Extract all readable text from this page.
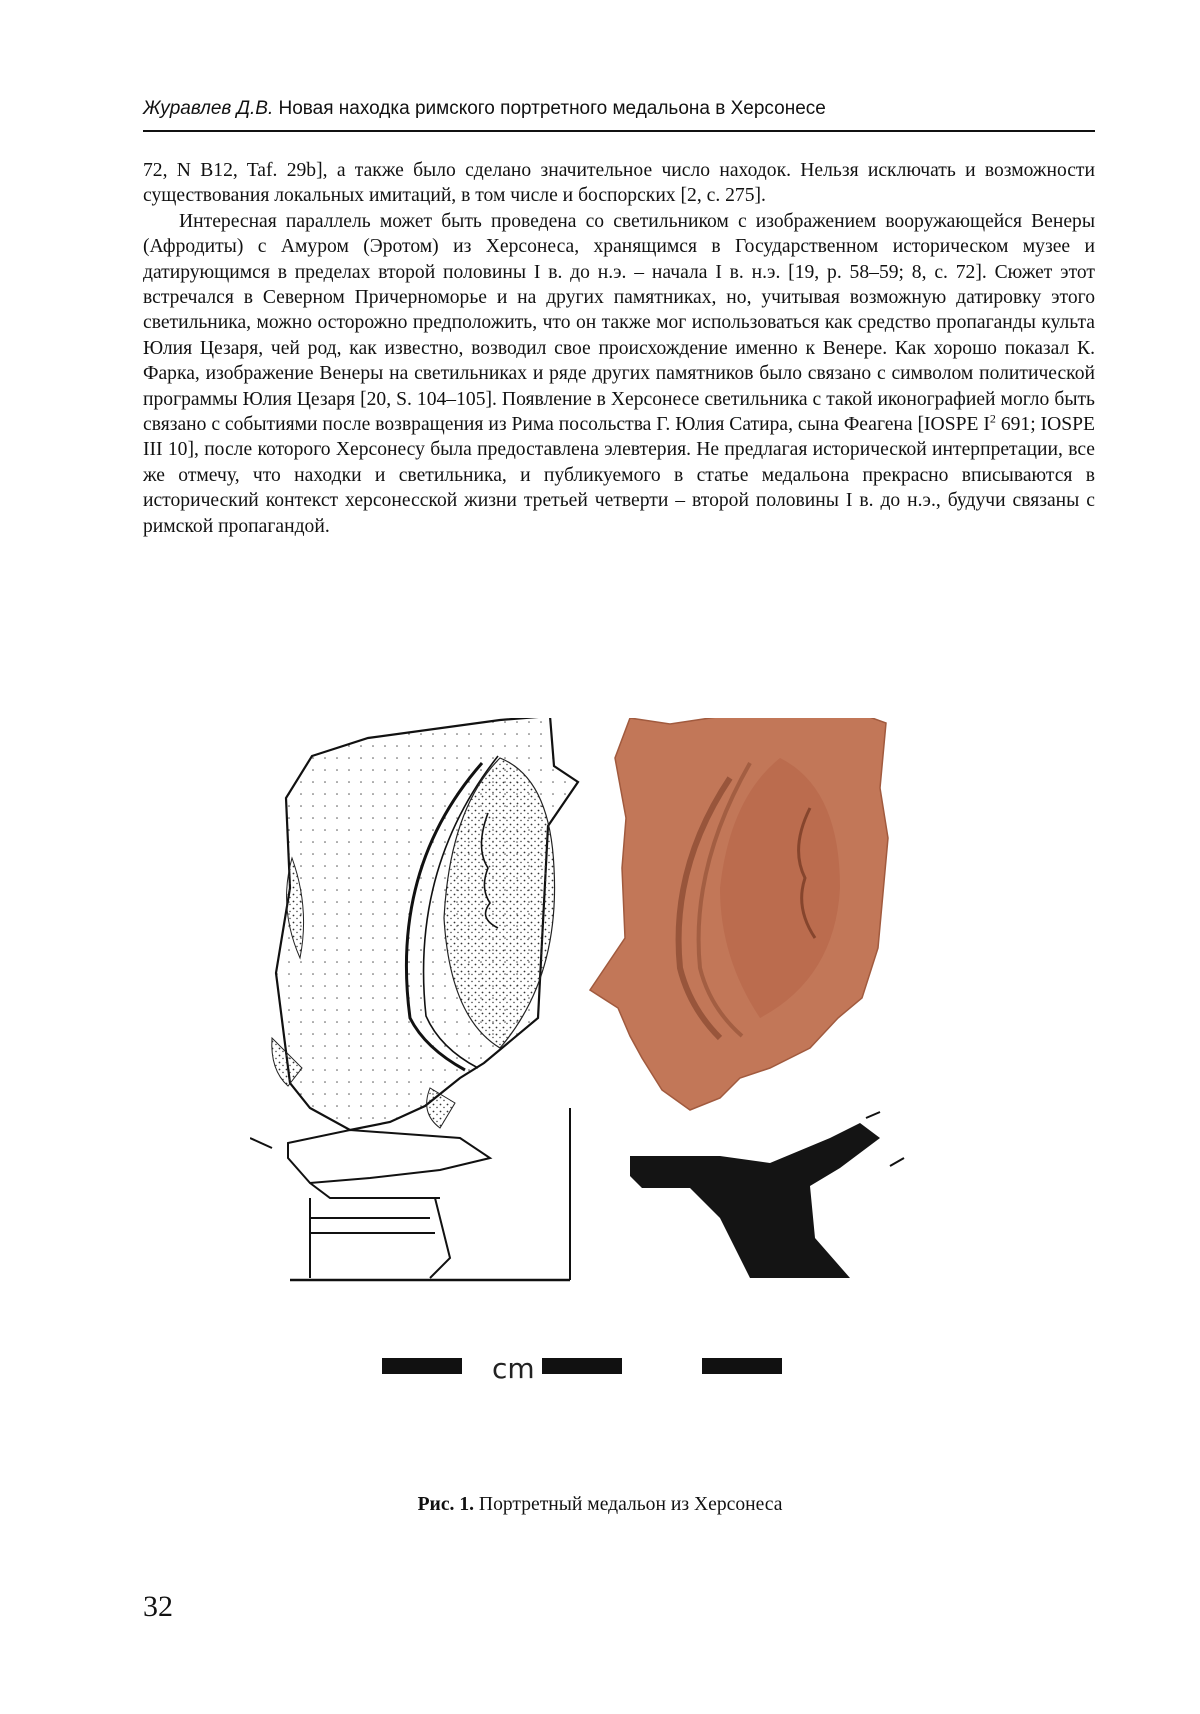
Журавлев Д.В. Новая находка римского портретного медальона в Херсонесе

72, N B12, Taf. 29b], а также было сделано значительное число находок. Нельзя исключать и возможности существования локальных имитаций, в том числе и боспорских [2, с. 275].

Интересная параллель может быть проведена со светильником с изображением вооружающейся Венеры (Афродиты) с Амуром (Эротом) из Херсонеса, хранящимся в Государственном историческом музее и датирующимся в пределах второй половины I в. до н.э. – начала I в. н.э. [19, р. 58–59; 8, с. 72]. Сюжет этот встречался в Северном Причерноморье и на других памятниках, но, учитывая возможную датировку этого светильника, можно осторожно предположить, что он также мог использоваться как средство пропаганды культа Юлия Цезаря, чей род, как известно, возводил свое происхождение именно к Венере. Как хорошо показал К. Фарка, изображение Венеры на светильниках и ряде других памятников было связано с символом политической программы Юлия Цезаря [20, S. 104–105]. Появление в Херсонесе светильника с такой иконографией могло быть связано с событиями после возвращения из Рима посольства Г. Юлия Сатира, сына Феагена [IOSPE $I^2$ 691; IOSPE III 10], после которого Херсонесу была предоставлена элевтерия. Не предлагая исторической интерпретации, все же отмечу, что находки и светильника, и публикуемого в статье медальона прекрасно вписываются в исторический контекст херсонесской жизни третьей четверти – второй половины I в. до н.э., будучи связаны с римской пропагандой.

cm
Рис. 1. Портретный медальон из Херсонеса
32
